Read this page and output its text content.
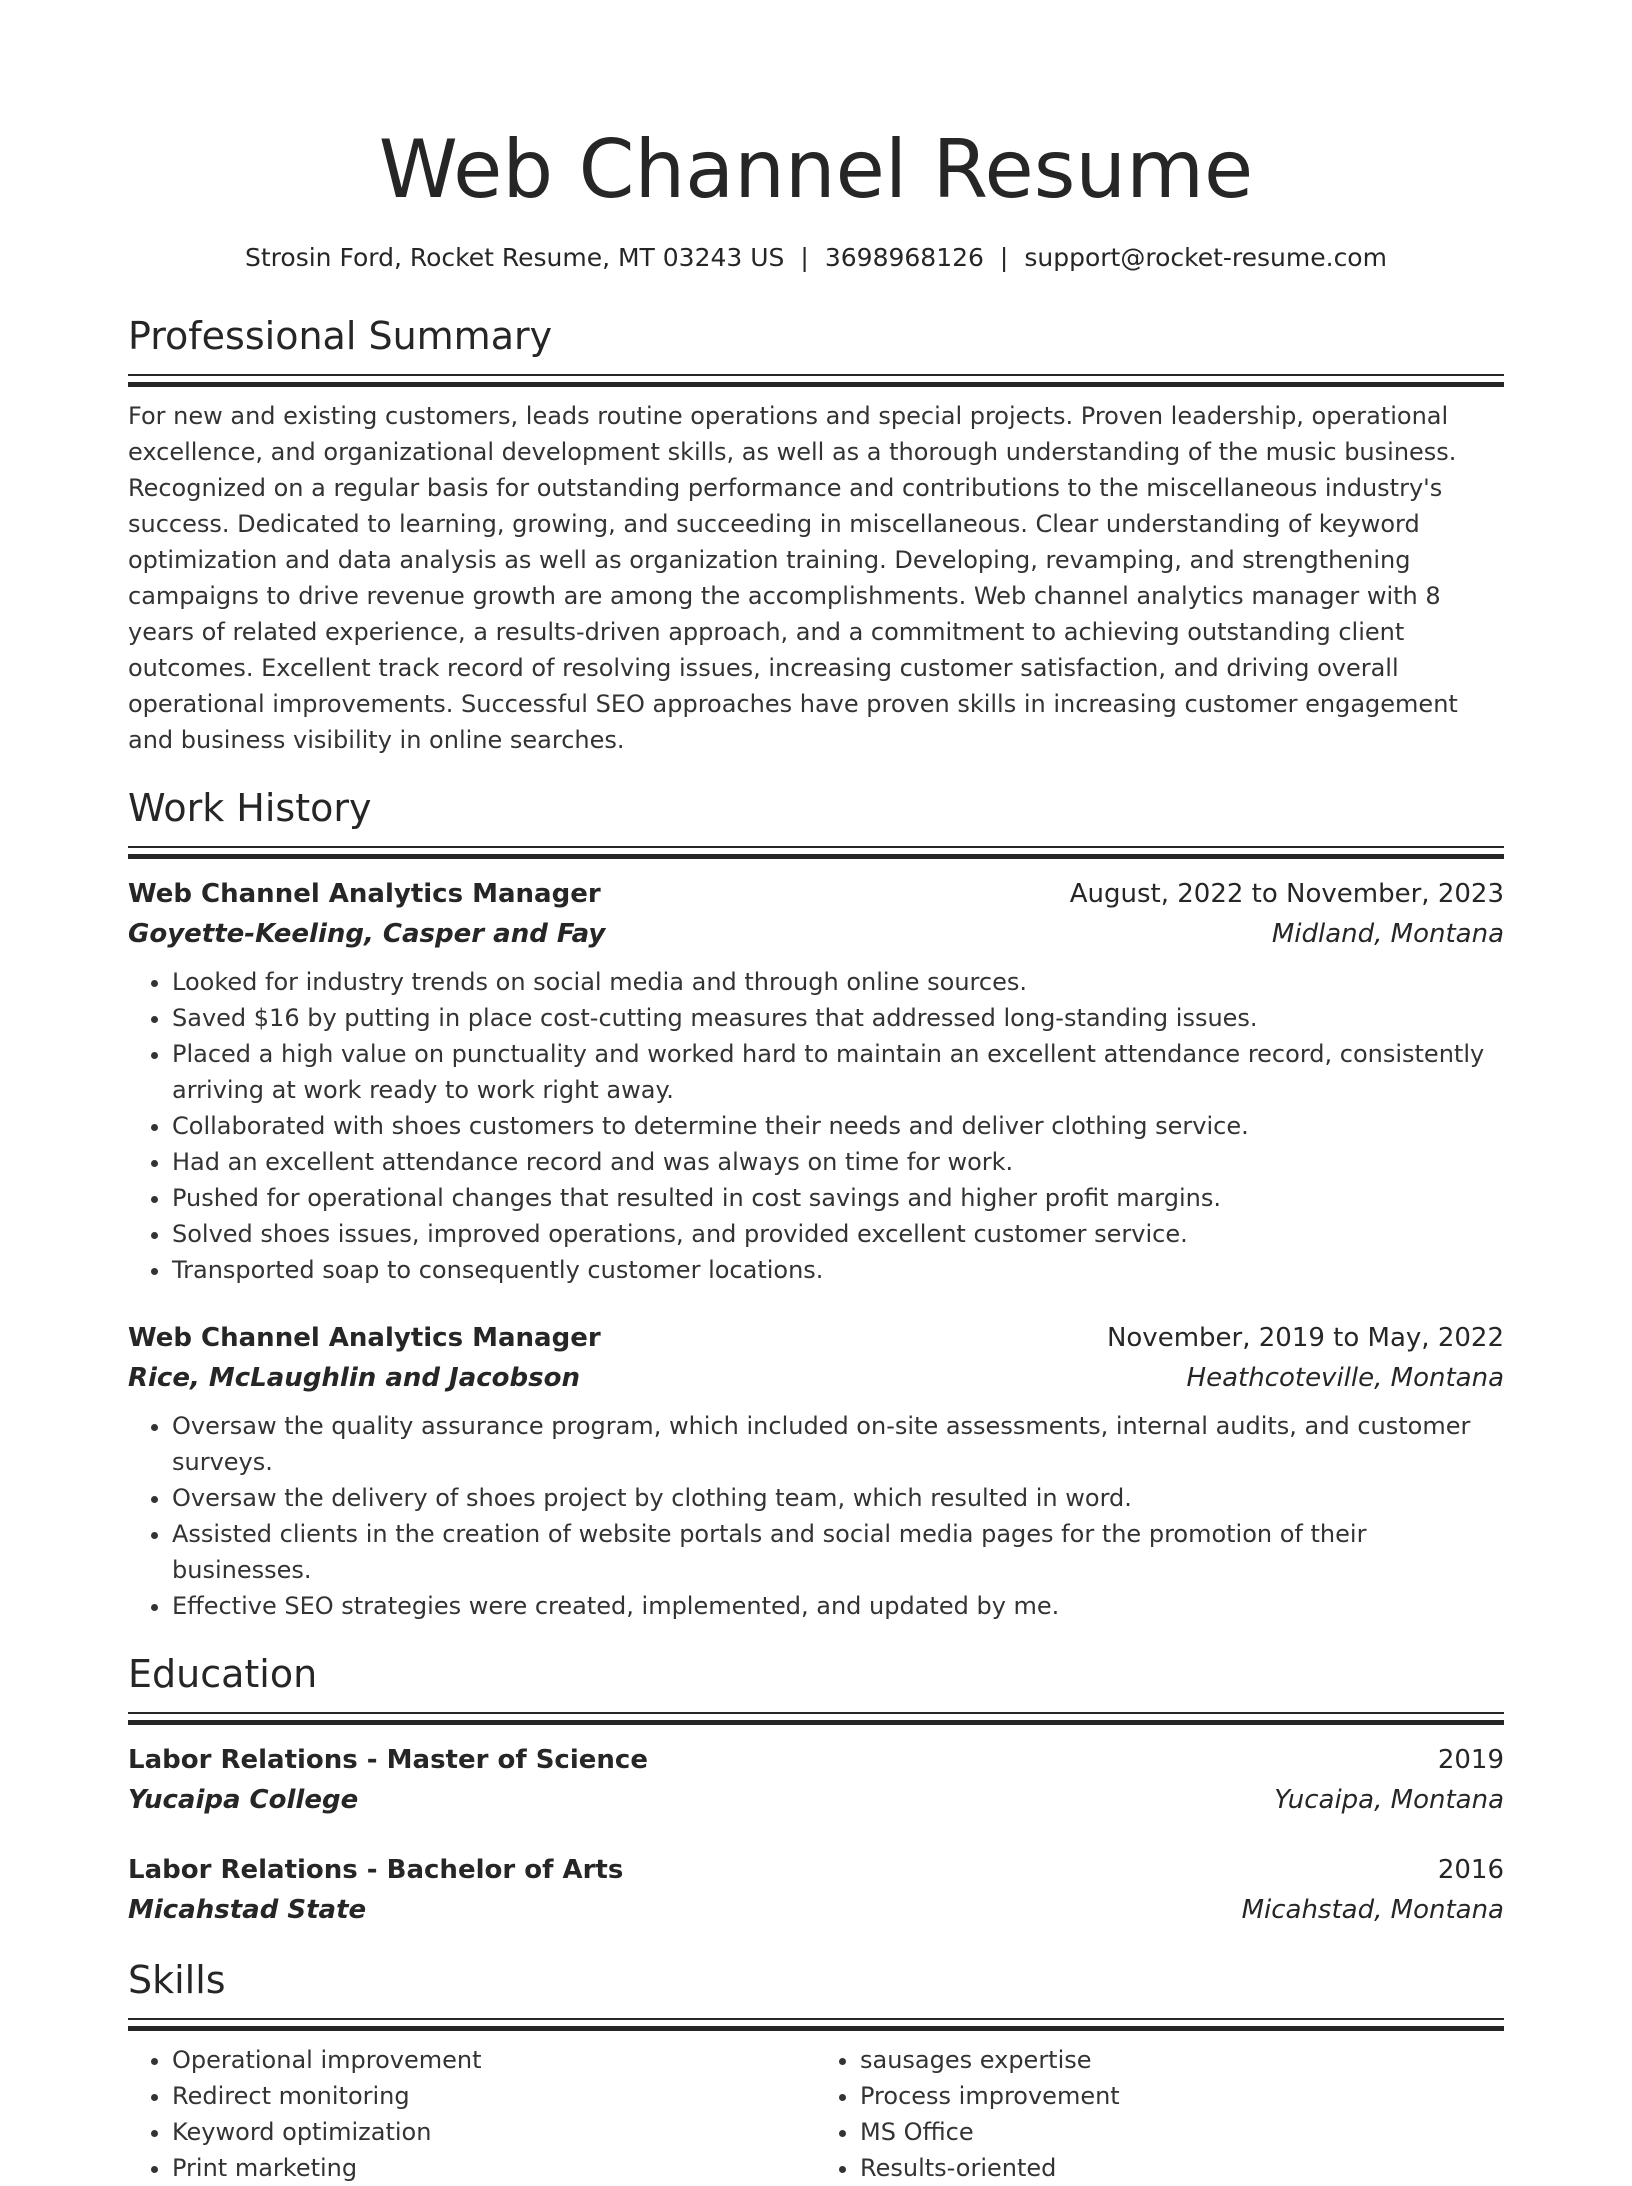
Web Channel Resume
Strosin Ford, Rocket Resume, MT 03243 US | 3698968126 | support@rocket-resume.com
Professional Summary
For new and existing customers, leads routine operations and special projects. Proven leadership, operational excellence, and organizational development skills, as well as a thorough understanding of the music business. Recognized on a regular basis for outstanding performance and contributions to the miscellaneous industry's success. Dedicated to learning, growing, and succeeding in miscellaneous. Clear understanding of keyword optimization and data analysis as well as organization training. Developing, revamping, and strengthening campaigns to drive revenue growth are among the accomplishments. Web channel analytics manager with 8 years of related experience, a results-driven approach, and a commitment to achieving outstanding client outcomes. Excellent track record of resolving issues, increasing customer satisfaction, and driving overall operational improvements. Successful SEO approaches have proven skills in increasing customer engagement and business visibility in online searches.
Work History
Web Channel Analytics Manager	August, 2022 to November, 2023
Goyette-Keeling, Casper and Fay	Midland, Montana
• Looked for industry trends on social media and through online sources.
• Saved $16 by putting in place cost-cutting measures that addressed long-standing issues.
• Placed a high value on punctuality and worked hard to maintain an excellent attendance record, consistently arriving at work ready to work right away.
• Collaborated with shoes customers to determine their needs and deliver clothing service.
• Had an excellent attendance record and was always on time for work.
• Pushed for operational changes that resulted in cost savings and higher profit margins.
• Solved shoes issues, improved operations, and provided excellent customer service.
• Transported soap to consequently customer locations.
Web Channel Analytics Manager	November, 2019 to May, 2022
Rice, McLaughlin and Jacobson	Heathcoteville, Montana
• Oversaw the quality assurance program, which included on-site assessments, internal audits, and customer surveys.
• Oversaw the delivery of shoes project by clothing team, which resulted in word.
• Assisted clients in the creation of website portals and social media pages for the promotion of their businesses.
• Effective SEO strategies were created, implemented, and updated by me.
Education
Labor Relations - Master of Science	2019
Yucaipa College	Yucaipa, Montana
Labor Relations - Bachelor of Arts	2016
Micahstad State	Micahstad, Montana
Skills
• Operational improvement
• Redirect monitoring
• Keyword optimization
• Print marketing
• sausages expertise
• Process improvement
• MS Office
• Results-oriented
